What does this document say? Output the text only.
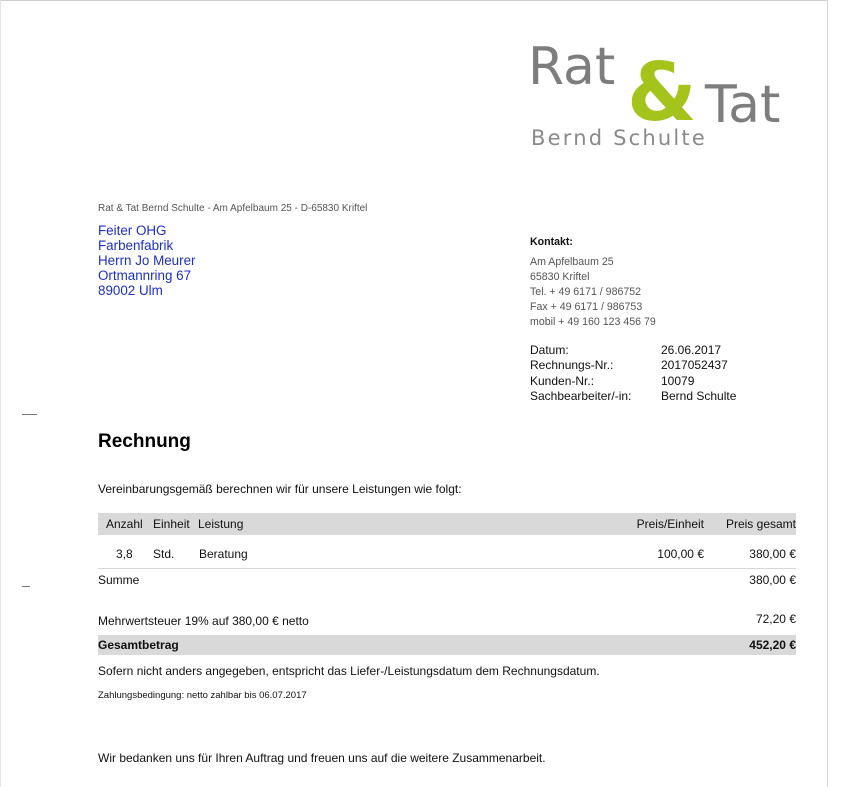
Rat & Tat
Bernd Schulte
Rat & Tat Bernd Schulte - Am Apfelbaum 25 - D-65830 Kriftel
Feiter OHG
Farbenfabrik
Herrn Jo Meurer
Ortmannring 67
89002 Ulm
Kontakt:
Am Apfelbaum 25
65830 Kriftel
Tel. + 49 6171 / 986752
Fax + 49 6171 / 986753
mobil + 49 160 123 456 79
Datum:	26.06.2017
Rechnungs-Nr.:	2017052437
Kunden-Nr.:	10079
Sachbearbeiter/-in:	Bernd Schulte
Rechnung
Vereinbarungsgemäß berechnen wir für unsere Leistungen wie folgt:
Anzahl Einheit Leistung	Preis/Einheit Preis gesamt
3,8 Std. Beratung	100,00 €	380,00 €
Summe	380,00 €
Mehrwertsteuer 19% auf 380,00 € netto	72,20 €
Gesamtbetrag	452,20 €
Sofern nicht anders angegeben, entspricht das Liefer-/Leistungsdatum dem Rechnungsdatum.
Zahlungsbedingung: netto zahlbar bis 06.07.2017
Wir bedanken uns für Ihren Auftrag und freuen uns auf die weitere Zusammenarbeit.
